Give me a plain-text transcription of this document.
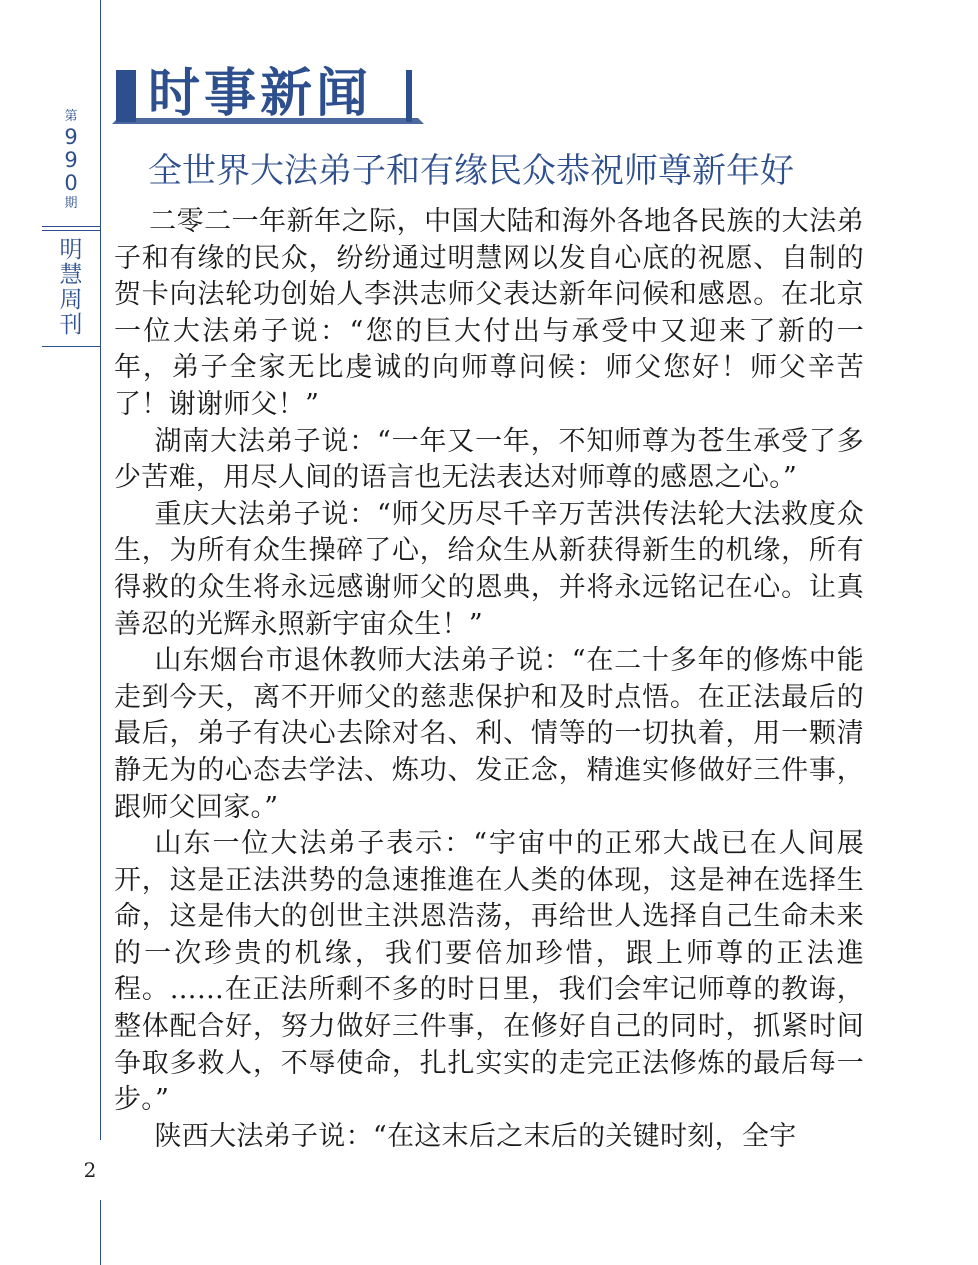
第
9
9
0
期
明
慧
周
刊
时事新闻
全世界大法弟子和有缘民众恭祝师尊新年好

二零二一年新年之际，中国大陆和海外各地各民族的大法弟子和有缘的民众，纷纷通过明慧网以发自心底的祝愿、自制的贺卡向法轮功创始人李洪志师父表达新年问候和感恩。在北京一位大法弟子说：“您的巨大付出与承受中又迎来了新的一年，弟子全家无比虔诚的向师尊问候：师父您好！师父辛苦了！谢谢师父！”

湖南大法弟子说：“一年又一年，不知师尊为苍生承受了多少苦难，用尽人间的语言也无法表达对师尊的感恩之心。”

重庆大法弟子说：“师父历尽千辛万苦洪传法轮大法救度众生，为所有众生操碎了心，给众生从新获得新生的机缘，所有得救的众生将永远感谢师父的恩典，并将永远铭记在心。让真善忍的光辉永照新宇宙众生！”

山东烟台市退休教师大法弟子说：“在二十多年的修炼中能走到今天，离不开师父的慈悲保护和及时点悟。在正法最后的最后，弟子有决心去除对名、利、情等的一切执着，用一颗清静无为的心态去学法、炼功、发正念，精進实修做好三件事，跟师父回家。”

山东一位大法弟子表示：“宇宙中的正邪大战已在人间展开，这是正法洪势的急速推進在人类的体现，这是神在选择生命，这是伟大的创世主洪恩浩荡，再给世人选择自己生命未来的一次珍贵的机缘，我们要倍加珍惜，跟上师尊的正法進程。……在正法所剩不多的时日里，我们会牢记师尊的教诲，整体配合好，努力做好三件事，在修好自己的同时，抓紧时间争取多救人，不辱使命，扎扎实实的走完正法修炼的最后每一步。”

陕西大法弟子说：“在这末后之末后的关键时刻，全宇

2
